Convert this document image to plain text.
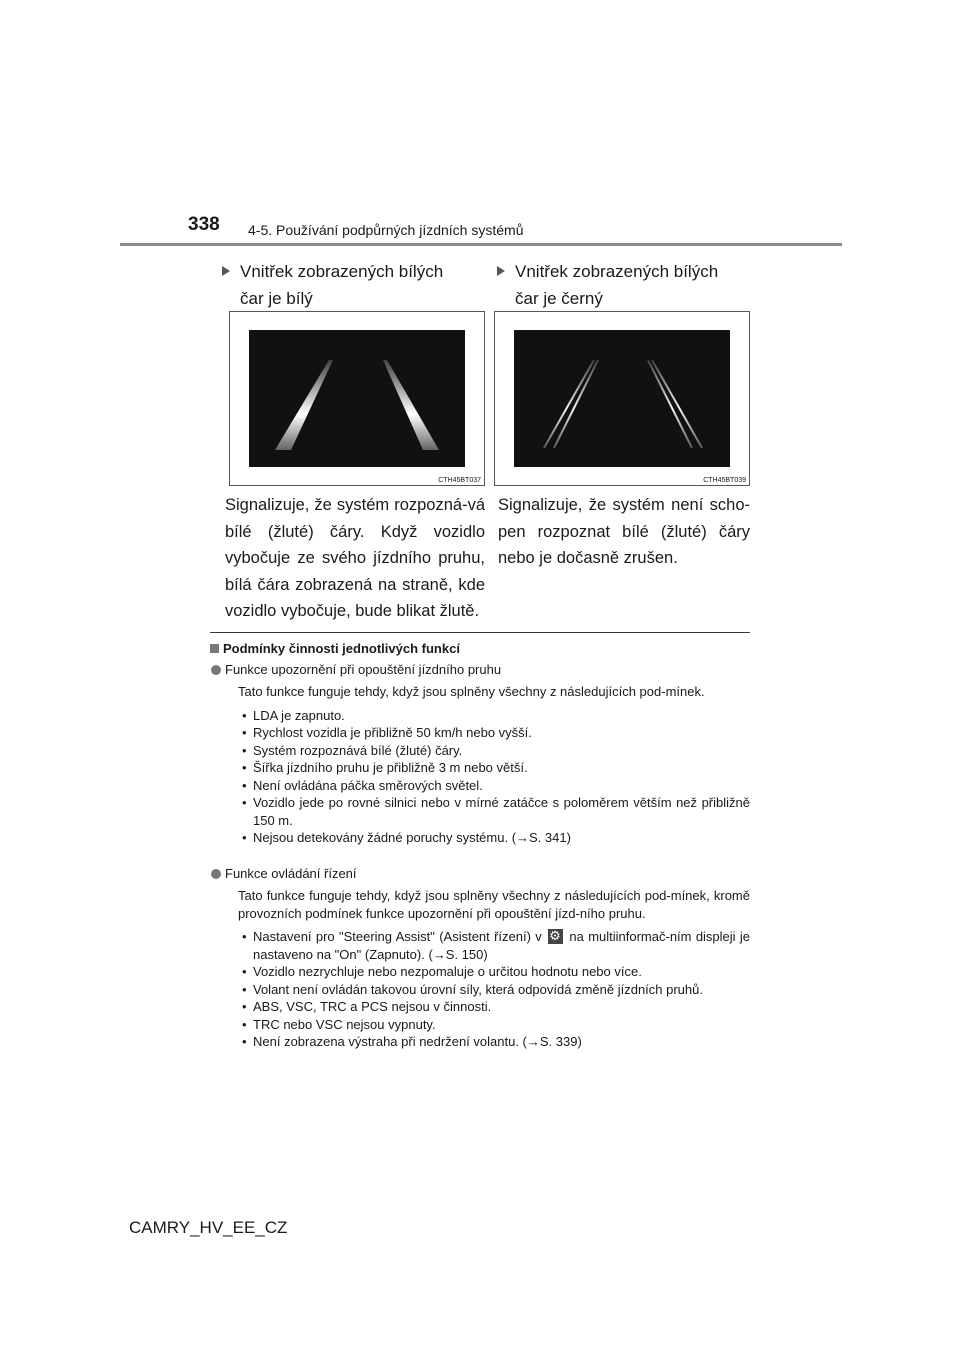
338 4-5. Používání podpůrných jízdních systémů
Vnitřek zobrazených bílých
čar je bílý
Vnitřek zobrazených bílých
čar je černý
CTH45BT037	CTH45BT039
Signalizuje, že systém rozpozná-vá bílé (žluté) čáry. Když vozidlo vybočuje ze svého jízdního pruhu, bílá čára zobrazená na straně, kde vozidlo vybočuje, bude blikat žlutě.
Signalizuje, že systém není scho-pen rozpoznat bílé (žluté) čáry nebo je dočasně zrušen.
Podmínky činnosti jednotlivých funkcí
Funkce upozornění při opouštění jízdního pruhu
Tato funkce funguje tehdy, když jsou splněny všechny z následujících pod-mínek.
• LDA je zapnuto.
• Rychlost vozidla je přibližně 50 km/h nebo vyšší.
• Systém rozpoznává bílé (žluté) čáry.
• Šířka jízdního pruhu je přibližně 3 m nebo větší.
• Není ovládána páčka směrových světel.
• Vozidlo jede po rovné silnici nebo v mírné zatáčce s poloměrem větším než přibližně 150 m.
• Nejsou detekovány žádné poruchy systému. (→S. 341)
Funkce ovládání řízení
Tato funkce funguje tehdy, když jsou splněny všechny z následujících pod-mínek, kromě provozních podmínek funkce upozornění při opouštění jízd-ního pruhu.
• Nastavení pro "Steering Assist" (Asistent řízení) v ⚙ na multiinformač-ním displeji je nastaveno na "On" (Zapnuto). (→S. 150)
• Vozidlo nezrychluje nebo nezpomaluje o určitou hodnotu nebo více.
• Volant není ovládán takovou úrovní síly, která odpovídá změně jízdních pruhů.
• ABS, VSC, TRC a PCS nejsou v činnosti.
• TRC nebo VSC nejsou vypnuty.
• Není zobrazena výstraha při nedržení volantu. (→S. 339)
CAMRY_HV_EE_CZ
